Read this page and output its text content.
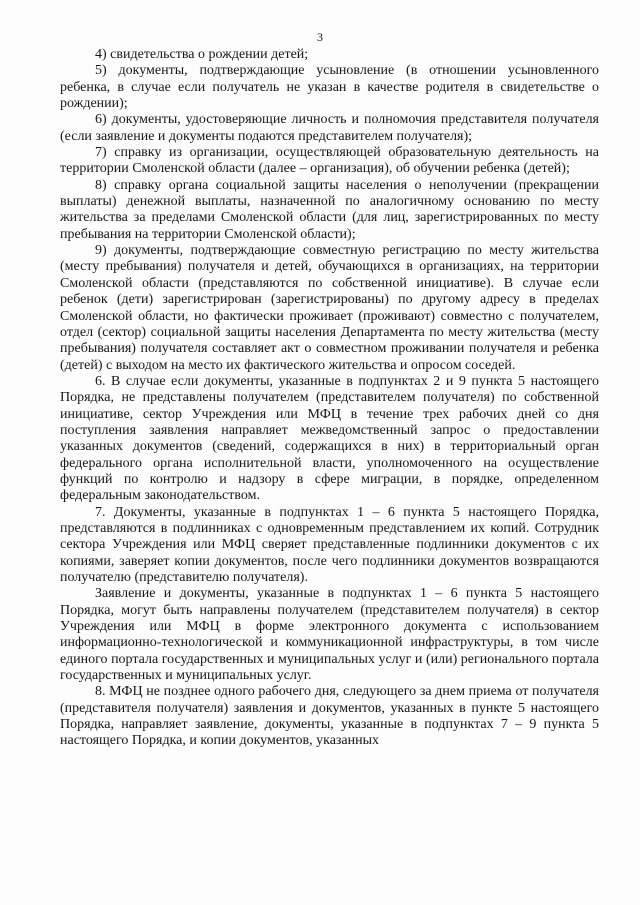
3

4) свидетельства о рождении детей;

5) документы, подтверждающие усыновление (в отношении усыновленного ребенка, в случае если получатель не указан в качестве родителя в свидетельстве о рождении);

6) документы, удостоверяющие личность и полномочия представителя получателя (если заявление и документы подаются представителем получателя);

7) справку из организации, осуществляющей образовательную деятельность на территории Смоленской области (далее – организация), об обучении ребенка (детей);

8) справку органа социальной защиты населения о неполучении (прекращении выплаты) денежной выплаты, назначенной по аналогичному основанию по месту жительства за пределами Смоленской области (для лиц, зарегистрированных по месту пребывания на территории Смоленской области);

9) документы, подтверждающие совместную регистрацию по месту жительства (месту пребывания) получателя и детей, обучающихся в организациях, на территории Смоленской области (представляются по собственной инициативе). В случае если ребенок (дети) зарегистрирован (зарегистрированы) по другому адресу в пределах Смоленской области, но фактически проживает (проживают) совместно с получателем, отдел (сектор) социальной защиты населения Департамента по месту жительства (месту пребывания) получателя составляет акт о совместном проживании получателя и ребенка (детей) с выходом на место их фактического жительства и опросом соседей.

6. В случае если документы, указанные в подпунктах 2 и 9 пункта 5 настоящего Порядка, не представлены получателем (представителем получателя) по собственной инициативе, сектор Учреждения или МФЦ в течение трех рабочих дней со дня поступления заявления направляет межведомственный запрос о предоставлении указанных документов (сведений, содержащихся в них) в территориальный орган федерального органа исполнительной власти, уполномоченного на осуществление функций по контролю и надзору в сфере миграции, в порядке, определенном федеральным законодательством.

7. Документы, указанные в подпунктах 1 – 6 пункта 5 настоящего Порядка, представляются в подлинниках с одновременным представлением их копий. Сотрудник сектора Учреждения или МФЦ сверяет представленные подлинники документов с их копиями, заверяет копии документов, после чего подлинники документов возвращаются получателю (представителю получателя).

Заявление и документы, указанные в подпунктах 1 – 6 пункта 5 настоящего Порядка, могут быть направлены получателем (представителем получателя) в сектор Учреждения или МФЦ в форме электронного документа с использованием информационно-технологической и коммуникационной инфраструктуры, в том числе единого портала государственных и муниципальных услуг и (или) регионального портала государственных и муниципальных услуг.

8. МФЦ не позднее одного рабочего дня, следующего за днем приема от получателя (представителя получателя) заявления и документов, указанных в пункте 5 настоящего Порядка, направляет заявление, документы, указанные в подпунктах 7 – 9 пункта 5 настоящего Порядка, и копии документов, указанных
